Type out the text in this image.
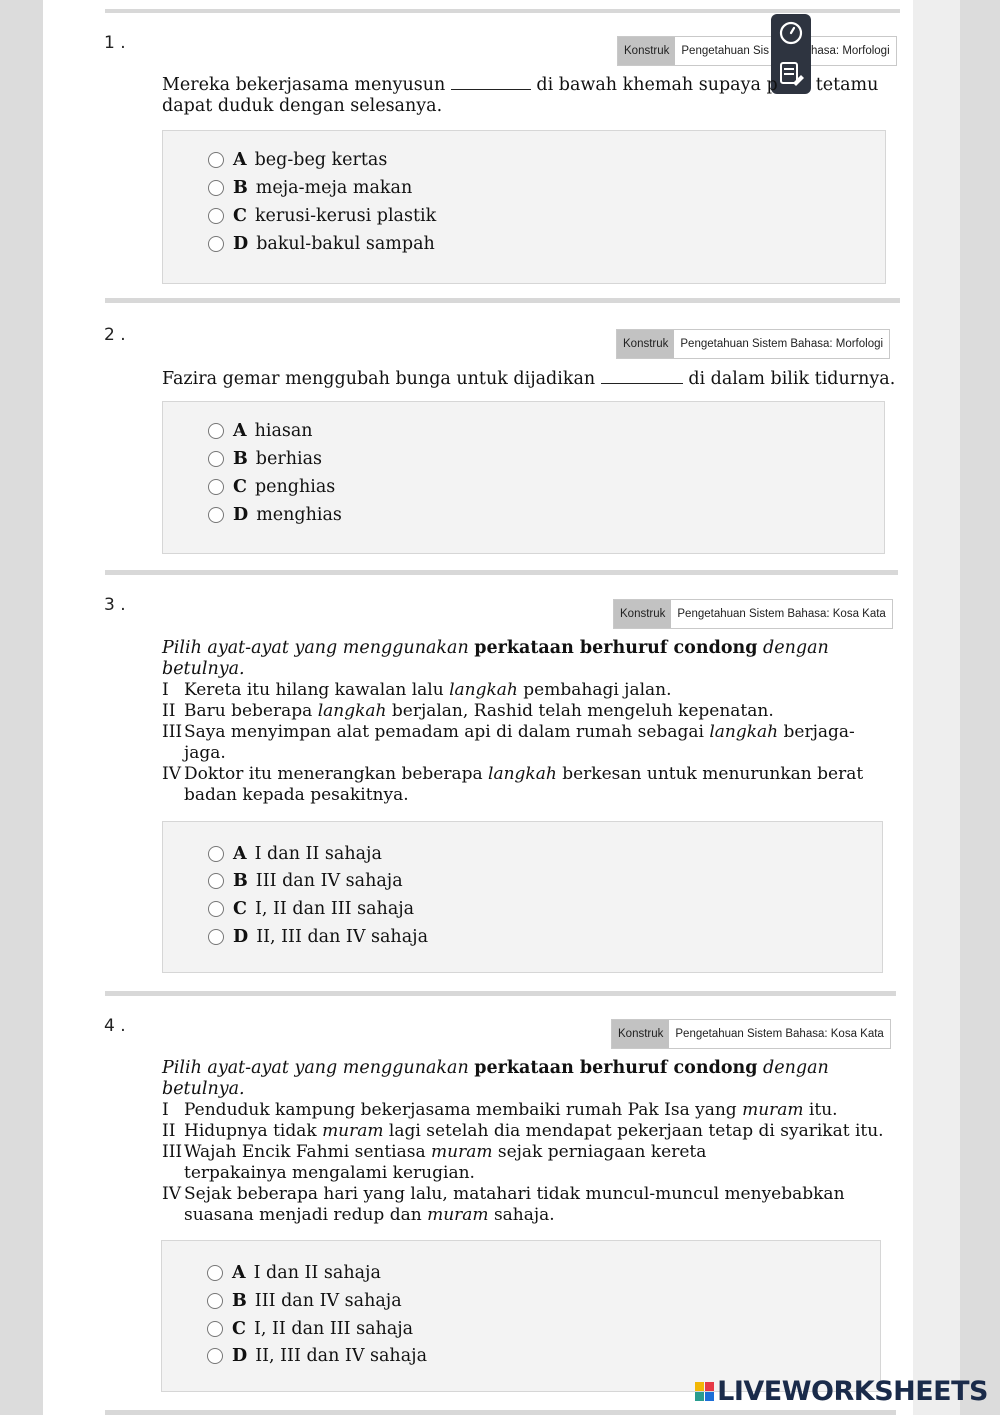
1 .	Konstruk	Pengetahuan Sis	hasa: Morfologi
Mereka bekerjasama menyusun	di bawah khemah supaya p tetamu
dapat duduk dengan selesanya.
A beg-beg kertas
B meja-meja makan
C kerusi-kerusi plastik
D bakul-bakul sampah
2 .	Konstruk	Pengetahuan Sistem Bahasa: Morfologi
Fazira gemar menggubah bunga untuk dijadikan	di dalam bilik tidurnya.
A hiasan
B berhias
C penghias
D menghias
3 .	Konstruk	Pengetahuan Sistem Bahasa: Kosa Kata
Pilih ayat-ayat yang menggunakan perkataan berhuruf condong dengan betulnya.
I Kereta itu hilang kawalan lalu langkah pembahagi jalan.
II Baru beberapa langkah berjalan, Rashid telah mengeluh kepenatan.
III Saya menyimpan alat pemadam api di dalam rumah sebagai langkah berjaga-jaga.
IV Doktor itu menerangkan beberapa langkah berkesan untuk menurunkan berat badan kepada pesakitnya.
A I dan II sahaja
B III dan IV sahaja
C I, II dan III sahaja
D II, III dan IV sahaja
4 .	Konstruk	Pengetahuan Sistem Bahasa: Kosa Kata
Pilih ayat-ayat yang menggunakan perkataan berhuruf condong dengan betulnya.
I Penduduk kampung bekerjasama membaiki rumah Pak Isa yang muram itu.
II Hidupnya tidak muram lagi setelah dia mendapat pekerjaan tetap di syarikat itu.
III Wajah Encik Fahmi sentiasa muram sejak perniagaan kereta terpakainya mengalami kerugian.
IV Sejak beberapa hari yang lalu, matahari tidak muncul-muncul menyebabkan suasana menjadi redup dan muram sahaja.
A I dan II sahaja
B III dan IV sahaja
C I, II dan III sahaja
D II, III dan IV sahaja
LIVEWORKSHEETS
